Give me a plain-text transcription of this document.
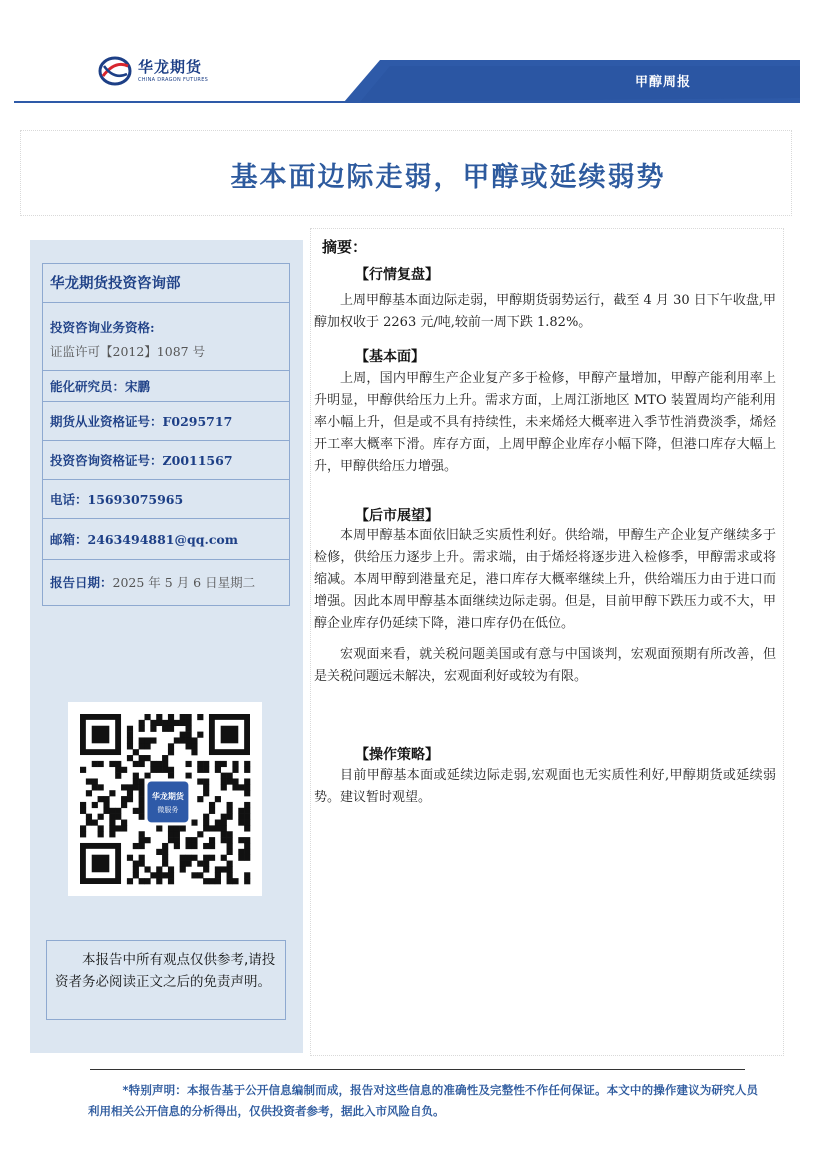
华龙期货
CHINA DRAGON FUTURES	甲醇周报
基本面边际走弱，甲醇或延续弱势
华龙期货投资咨询部
投资咨询业务资格:
证监许可【2012】1087 号
能化研究员：宋鹏
期货从业资格证号：F0295717
投资咨询资格证号：Z0011567
电话：15693075965
邮箱：2463494881@qq.com
报告日期：2025 年 5 月 6 日星期二
华龙期货
微服务
本报告中所有观点仅供参考,请投资者务必阅读正文之后的免责声明。
摘要：
【行情复盘】

上周甲醇基本面边际走弱，甲醇期货弱势运行，截至 4 月 30 日下午收盘,甲醇加权收于 2263 元/吨,较前一周下跌 1.82%。

【基本面】

上周，国内甲醇生产企业复产多于检修，甲醇产量增加，甲醇产能利用率上升明显，甲醇供给压力上升。需求方面，上周江浙地区 MTO 装置周均产能利用率小幅上升，但是或不具有持续性，未来烯烃大概率进入季节性消费淡季，烯烃开工率大概率下滑。库存方面，上周甲醇企业库存小幅下降，但港口库存大幅上升，甲醇供给压力增强。

【后市展望】

本周甲醇基本面依旧缺乏实质性利好。供给端，甲醇生产企业复产继续多于检修，供给压力逐步上升。需求端，由于烯烃将逐步进入检修季，甲醇需求或将缩减。本周甲醇到港量充足，港口库存大概率继续上升，供给端压力由于进口而增强。因此本周甲醇基本面继续边际走弱。但是，目前甲醇下跌压力或不大，甲醇企业库存仍延续下降，港口库存仍在低位。

宏观面来看，就关税问题美国或有意与中国谈判，宏观面预期有所改善，但是关税问题远未解决，宏观面利好或较为有限。

【操作策略】

目前甲醇基本面或延续边际走弱,宏观面也无实质性利好,甲醇期货或延续弱势。建议暂时观望。

*特别声明：本报告基于公开信息编制而成，报告对这些信息的准确性及完整性不作任何保证。本文中的操作建议为研究人员利用相关公开信息的分析得出，仅供投资者参考，据此入市风险自负。
